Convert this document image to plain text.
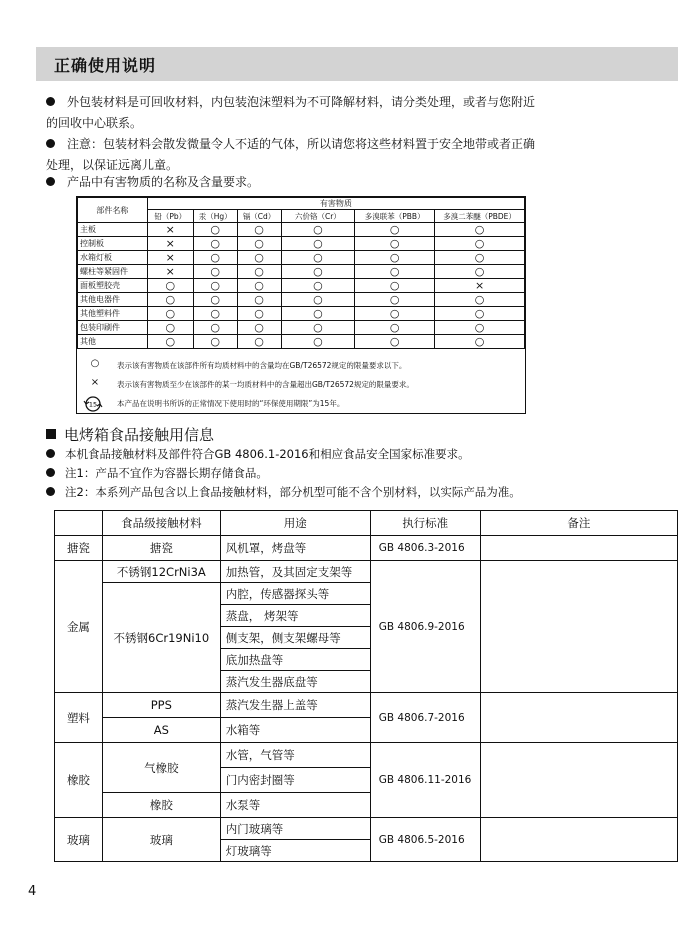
正确使用说明
外包装材料是可回收材料，内包装泡沫塑料为不可降解材料，请分类处理，或者与您附近的回收中心联系。
注意：包装材料会散发微量令人不适的气体，所以请您将这些材料置于安全地带或者正确处理，以保证远离儿童。
产品中有害物质的名称及含量要求。
部件名称	有害物质					
	铅（Pb）	汞（Hg）	镉（Cd）	六价铬（Cr）	多溴联苯（PBB）	多溴二苯醚（PBDE）
主板	×	○	○	○	○	○
控制板	×	○	○	○	○	○
水箱灯板	×	○	○	○	○	○
螺柱等紧固件	×	○	○	○	○	○
面板塑胶壳	○	○	○	○	○	×
其他电器件	○	○	○	○	○	○
其他塑料件	○	○	○	○	○	○
包装印刷件	○	○	○	○	○	○
其他	○	○	○	○	○	○
○	表示该有害物质在该部件所有均质材料中的含量均在GB/T26572规定的限量要求以下。
×	表示该有害物质至少在该部件的某一均质材料中的含量超出GB/T26572规定的限量要求。
15	本产品在说明书所诉的正常情况下使用时的“环保使用期限”为15年。
电烤箱食品接触用信息
本机食品接触材料及部件符合GB 4806.1-2016和相应食品安全国家标准要求。
注1：产品不宜作为容器长期存储食品。
注2：本系列产品包含以上食品接触材料，部分机型可能不含个别材料，以实际产品为准。
	食品级接触材料	用途	执行标准	备注
搪瓷	搪瓷	风机罩，烤盘等	GB 4806.3-2016	
金属	不锈钢12CrNi3A	加热管，及其固定支架等	GB 4806.9-2016	
	不锈钢6Cr19Ni10	内腔，传感器探头等		
		蒸盘， 烤架等		
		侧支架，侧支架螺母等		
		底加热盘等		
		蒸汽发生器底盘等		
塑料	PPS	蒸汽发生器上盖等	GB 4806.7-2016	
	AS	水箱等		
橡胶	气橡胶	水管，气管等	GB 4806.11-2016	
		门内密封圈等		
	橡胶	水泵等		
玻璃	玻璃	内门玻璃等	GB 4806.5-2016	
		灯玻璃等		
4
